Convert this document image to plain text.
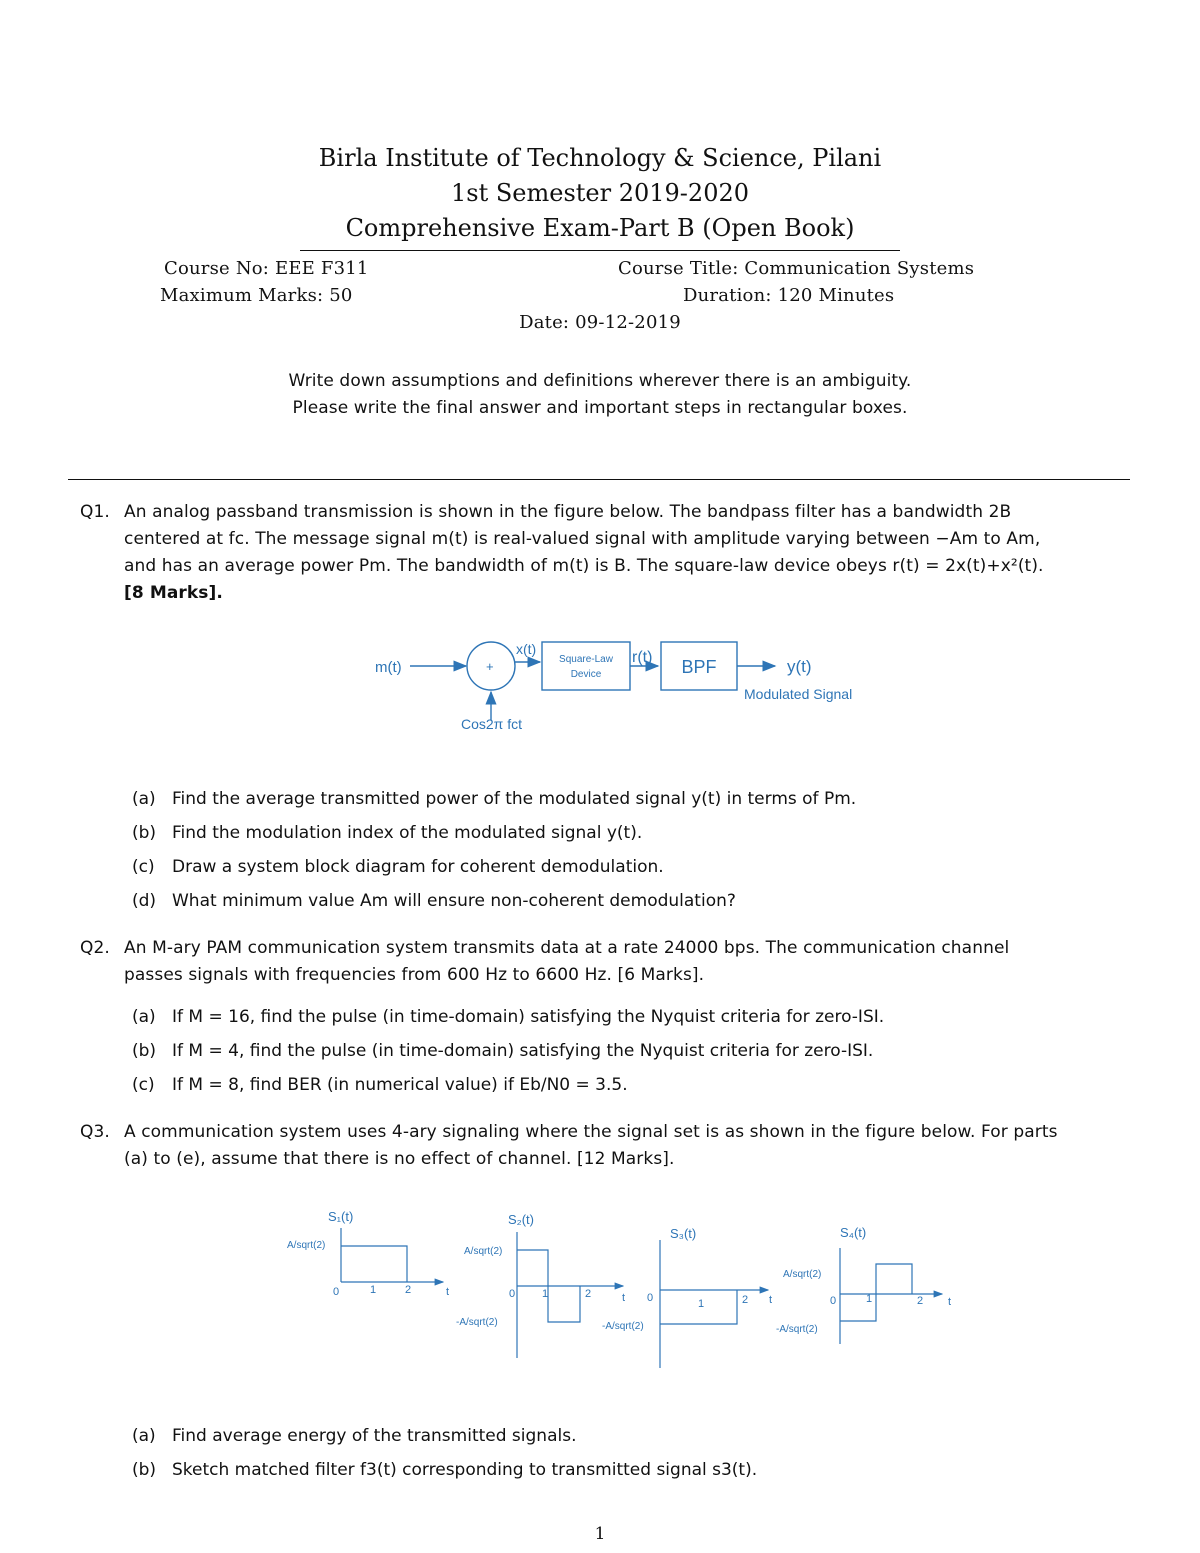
Birla Institute of Technology & Science, Pilani
1st Semester 2019-2020
Comprehensive Exam-Part B (Open Book)
Course No: EEE F311	Course Title: Communication Systems
Maximum Marks: 50	Duration: 120 Minutes
Date: 09-12-2019
Write down assumptions and definitions wherever there is an ambiguity.
Please write the final answer and important steps in rectangular boxes.
Q1. An analog passband transmission is shown in the figure below. The bandpass filter has a bandwidth 2B
centered at fc. The message signal m(t) is real-valued signal with amplitude varying between −Am to Am,
and has an average power Pm. The bandwidth of m(t) is B. The square-law device obeys r(t) = 2x(t)+x²(t).
[8 Marks].
m(t)	+
Cos2π fct
x(t)
Square-Law
Device
r(t) BPF	y(t)
Modulated Signal
(a) Find the average transmitted power of the modulated signal y(t) in terms of Pm.
(b) Find the modulation index of the modulated signal y(t).
(c) Draw a system block diagram for coherent demodulation.
(d) What minimum value Am will ensure non-coherent demodulation?
Q2. An M-ary PAM communication system transmits data at a rate 24000 bps. The communication channel
passes signals with frequencies from 600 Hz to 6600 Hz. [6 Marks].
(a) If M = 16, find the pulse (in time-domain) satisfying the Nyquist criteria for zero-ISI.
(b) If M = 4, find the pulse (in time-domain) satisfying the Nyquist criteria for zero-ISI.
(c) If M = 8, find BER (in numerical value) if Eb/N0 = 3.5.
Q3. A communication system uses 4-ary signaling where the signal set is as shown in the figure below. For parts
(a) to (e), assume that there is no effect of channel. [12 Marks].
S₁(t)
A/sqrt(2)
0	1	2	t
S₂(t)
A/sqrt(2)
-A/sqrt(2)
0 1	2	t
S₃(t)
-A/sqrt(2)
0	1	2 t
S₄(t)
A/sqrt(2)
-A/sqrt(2)
0	1	2 t
(a) Find average energy of the transmitted signals.
(b) Sketch matched filter f3(t) corresponding to transmitted signal s3(t).
1
